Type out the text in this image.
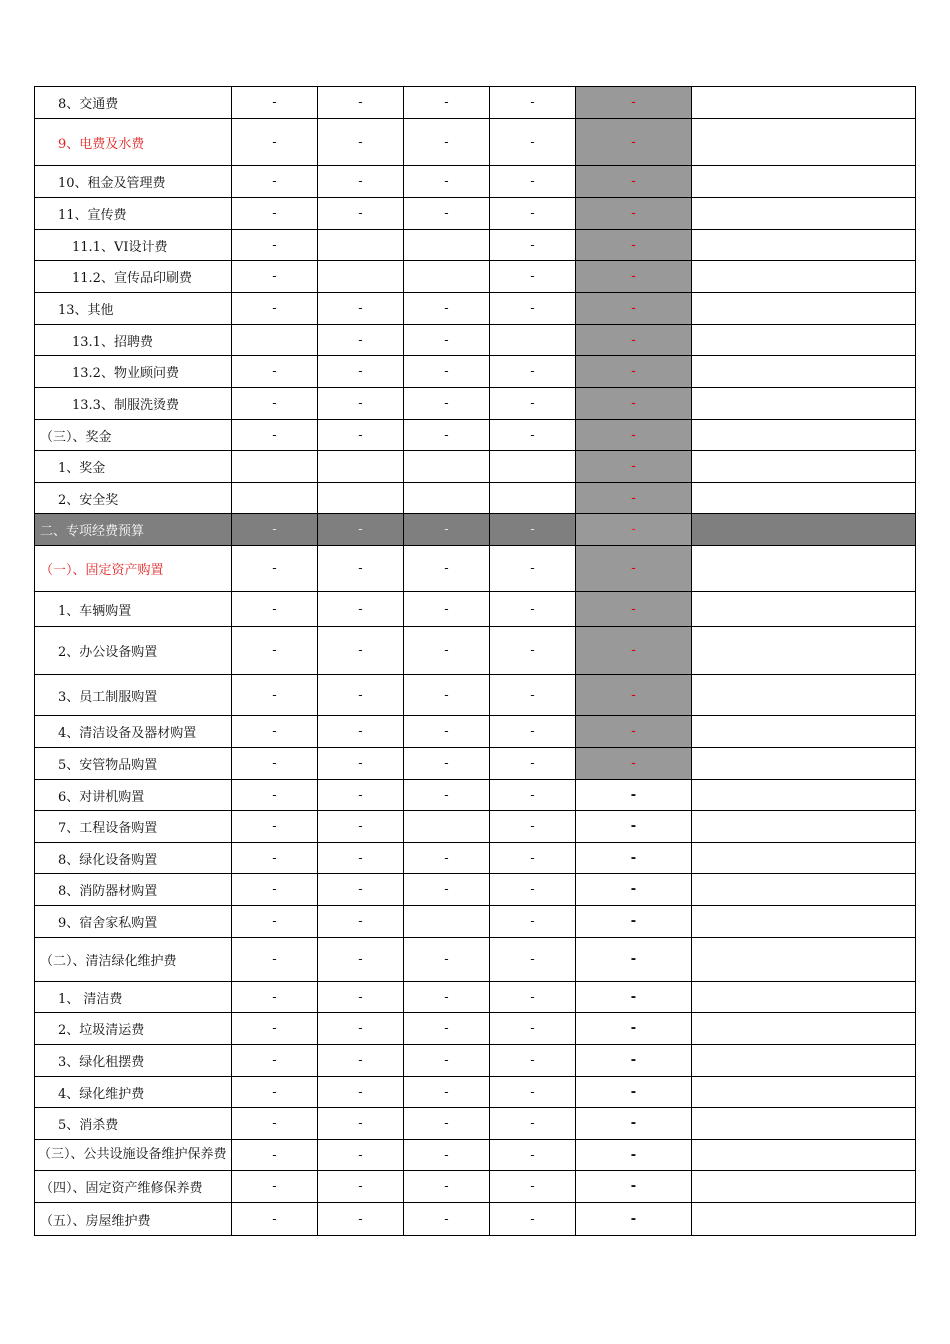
8、交通费	-	-	-	-	-	
9、电费及水费	-	-	-	-	-	
10、租金及管理费	-	-	-	-	-	
11、宣传费	-	-	-	-	-	
11.1、VI设计费	-			-	-	
11.2、宣传品印刷费	-			-	-	
13、其他	-	-	-	-	-	
13.1、招聘费		-	-		-	
13.2、物业顾问费	-	-	-	-	-	
13.3、制服洗烫费	-	-	-	-	-	
（三）、奖金	-	-	-	-	-	
1、奖金					-	
2、安全奖					-	
二、专项经费预算	-	-	-	-	-	
（一）、固定资产购置	-	-	-	-	-	
1、车辆购置	-	-	-	-	-	
2、办公设备购置	-	-	-	-	-	
3、员工制服购置	-	-	-	-	-	
4、清洁设备及器材购置	-	-	-	-	-	
5、安管物品购置	-	-	-	-	-	
6、对讲机购置	-	-	-	-	-	
7、工程设备购置	-	-		-	-	
8、绿化设备购置	-	-	-	-	-	
8、消防器材购置	-	-	-	-	-	
9、宿舍家私购置	-	-		-	-	
（二）、清洁绿化维护费	-	-	-	-	-	
1、 清洁费	-	-	-	-	-	
2、垃圾清运费	-	-	-	-	-	
3、绿化租摆费	-	-	-	-	-	
4、绿化维护费	-	-	-	-	-	
5、消杀费	-	-	-	-	-	
（三）、公共设施设备维护保养费	-	-	-	-	-	
（四）、固定资产维修保养费	-	-	-	-	-	
（五）、房屋维护费	-	-	-	-	-	
